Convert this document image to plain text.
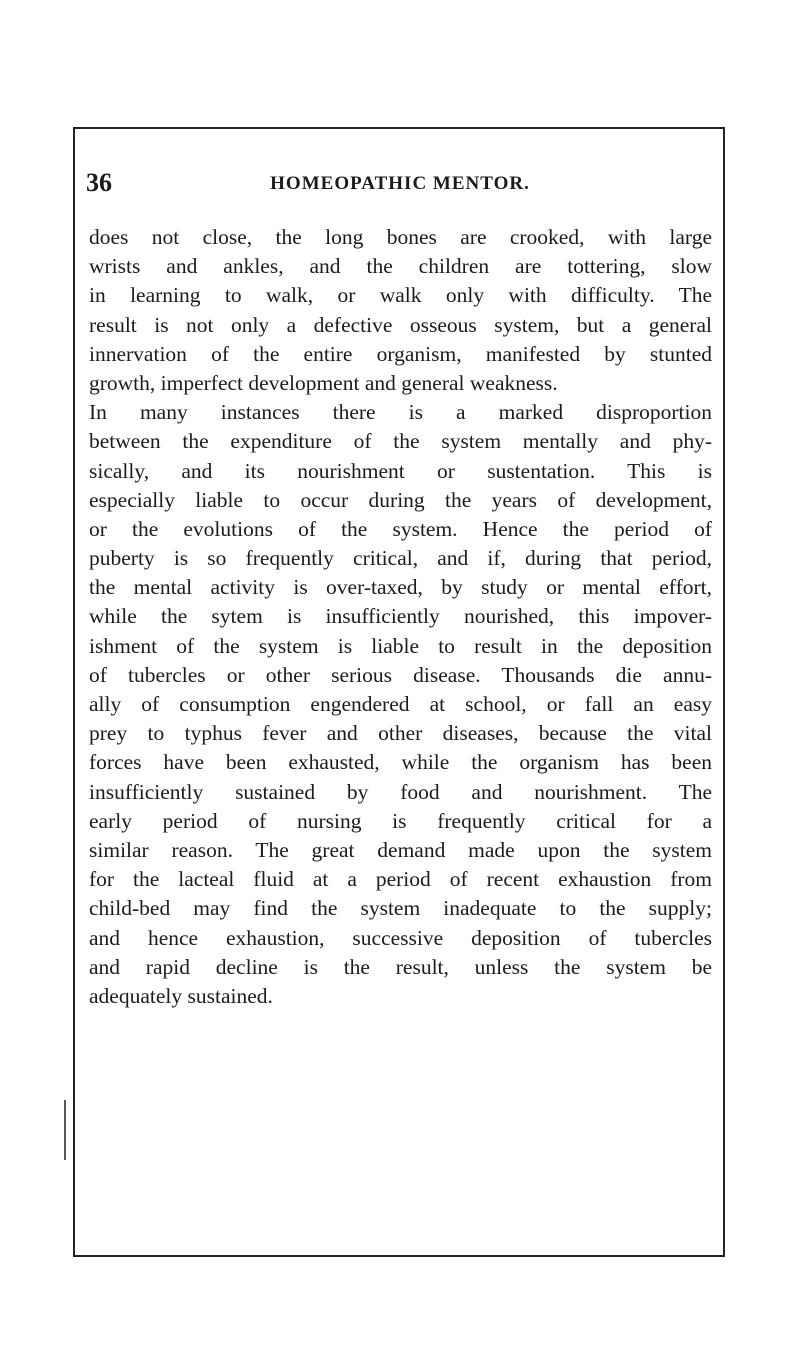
36	HOMEOPATHIC MENTOR.
does not close, the long bones are crooked, with large
wrists and ankles, and the children are tottering, slow
in learning to walk, or walk only with difficulty. The
result is not only a defective osseous system, but a general
innervation of the entire organism, manifested by stunted
growth, imperfect development and general weakness.
In many instances there is a marked disproportion
between the expenditure of the system mentally and phy-
sically, and its nourishment or sustentation. This is
especially liable to occur during the years of development,
or the evolutions of the system. Hence the period of
puberty is so frequently critical, and if, during that period,
the mental activity is over-taxed, by study or mental effort,
while the sytem is insufficiently nourished, this impover-
ishment of the system is liable to result in the deposition
of tubercles or other serious disease. Thousands die annu-
ally of consumption engendered at school, or fall an easy
prey to typhus fever and other diseases, because the vital
forces have been exhausted, while the organism has been
insufficiently sustained by food and nourishment. The
early period of nursing is frequently critical for a
similar reason. The great demand made upon the system
for the lacteal fluid at a period of recent exhaustion from
child-bed may find the system inadequate to the supply;
and hence exhaustion, successive deposition of tubercles
and rapid decline is the result, unless the system be
adequately sustained.
